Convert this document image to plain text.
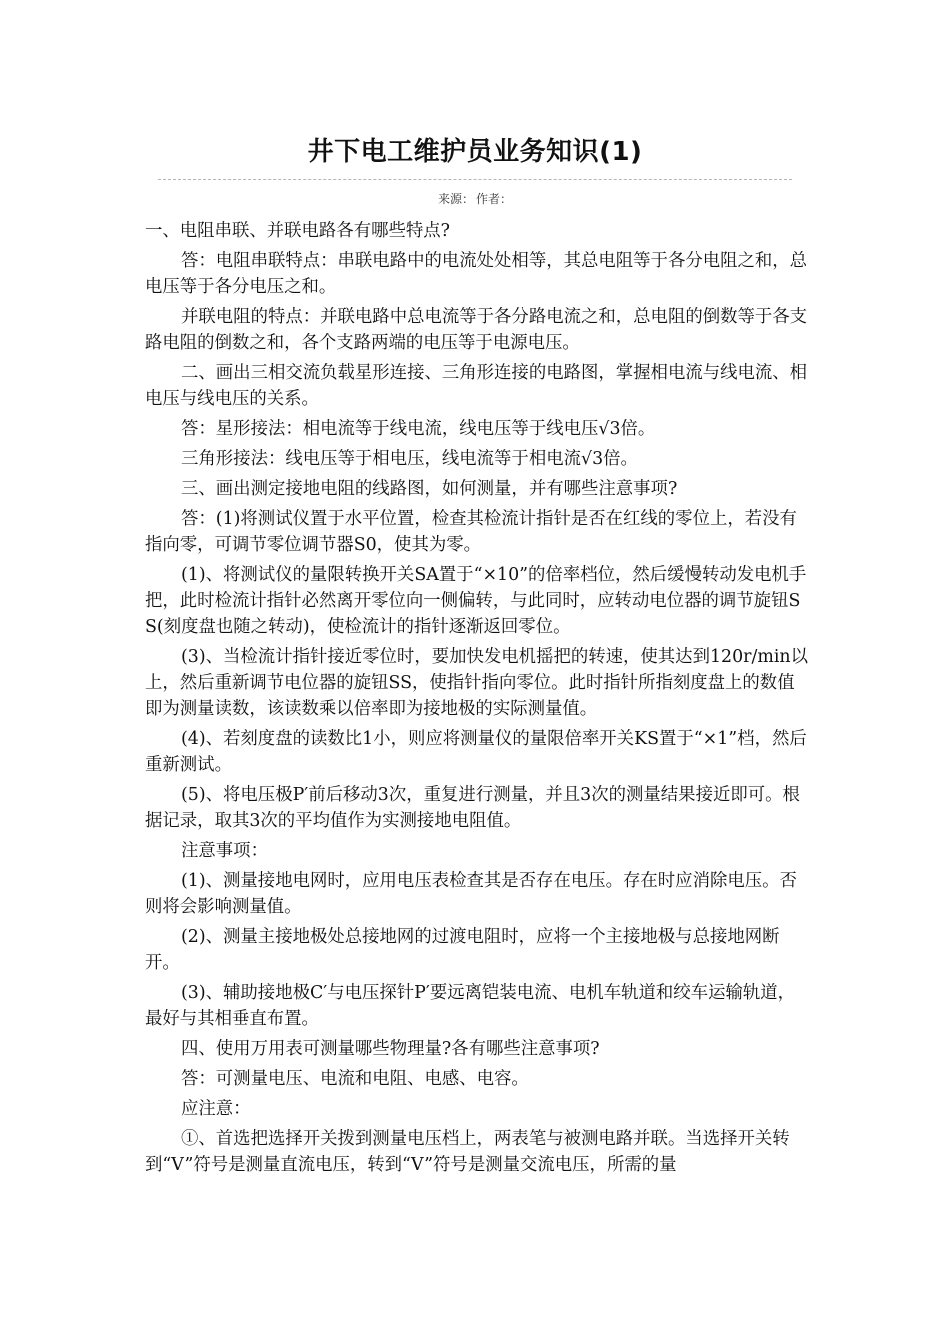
井下电工维护员业务知识(1)
来源： 作者：

一、电阻串联、并联电路各有哪些特点?

答：电阻串联特点：串联电路中的电流处处相等，其总电阻等于各分电阻之和，总电压等于各分电压之和。

并联电阻的特点：并联电路中总电流等于各分路电流之和，总电阻的倒数等于各支路电阻的倒数之和，各个支路两端的电压等于电源电压。

二、画出三相交流负载星形连接、三角形连接的电路图，掌握相电流与线电流、相电压与线电压的关系。

答：星形接法：相电流等于线电流，线电压等于线电压√3倍。

三角形接法：线电压等于相电压，线电流等于相电流√3倍。

三、画出测定接地电阻的线路图，如何测量，并有哪些注意事项?

答：(1)将测试仪置于水平位置，检查其检流计指针是否在红线的零位上，若没有指向零，可调节零位调节器S0，使其为零。

(1)、将测试仪的量限转换开关SA置于“×10”的倍率档位，然后缓慢转动发电机手把，此时检流计指针必然离开零位向一侧偏转，与此同时，应转动电位器的调节旋钮SS(刻度盘也随之转动)，使检流计的指针逐渐返回零位。

(3)、当检流计指针接近零位时，要加快发电机摇把的转速，使其达到120r/min以上，然后重新调节电位器的旋钮SS，使指针指向零位。此时指针所指刻度盘上的数值即为测量读数，该读数乘以倍率即为接地极的实际测量值。

(4)、若刻度盘的读数比1小，则应将测量仪的量限倍率开关KS置于“×1”档，然后重新测试。

(5)、将电压极P′前后移动3次，重复进行测量，并且3次的测量结果接近即可。根据记录，取其3次的平均值作为实测接地电阻值。

注意事项：

(1)、测量接地电网时，应用电压表检查其是否存在电压。存在时应消除电压。否则将会影响测量值。

(2)、测量主接地极处总接地网的过渡电阻时，应将一个主接地极与总接地网断开。

(3)、辅助接地极C′与电压探针P′要远离铠装电流、电机车轨道和绞车运输轨道，最好与其相垂直布置。

四、使用万用表可测量哪些物理量?各有哪些注意事项?

答：可测量电压、电流和电阻、电感、电容。

应注意：

①、首选把选择开关拨到测量电压档上，两表笔与被测电路并联。当选择开关转到“V”符号是测量直流电压，转到“V”符号是测量交流电压，所需的量
